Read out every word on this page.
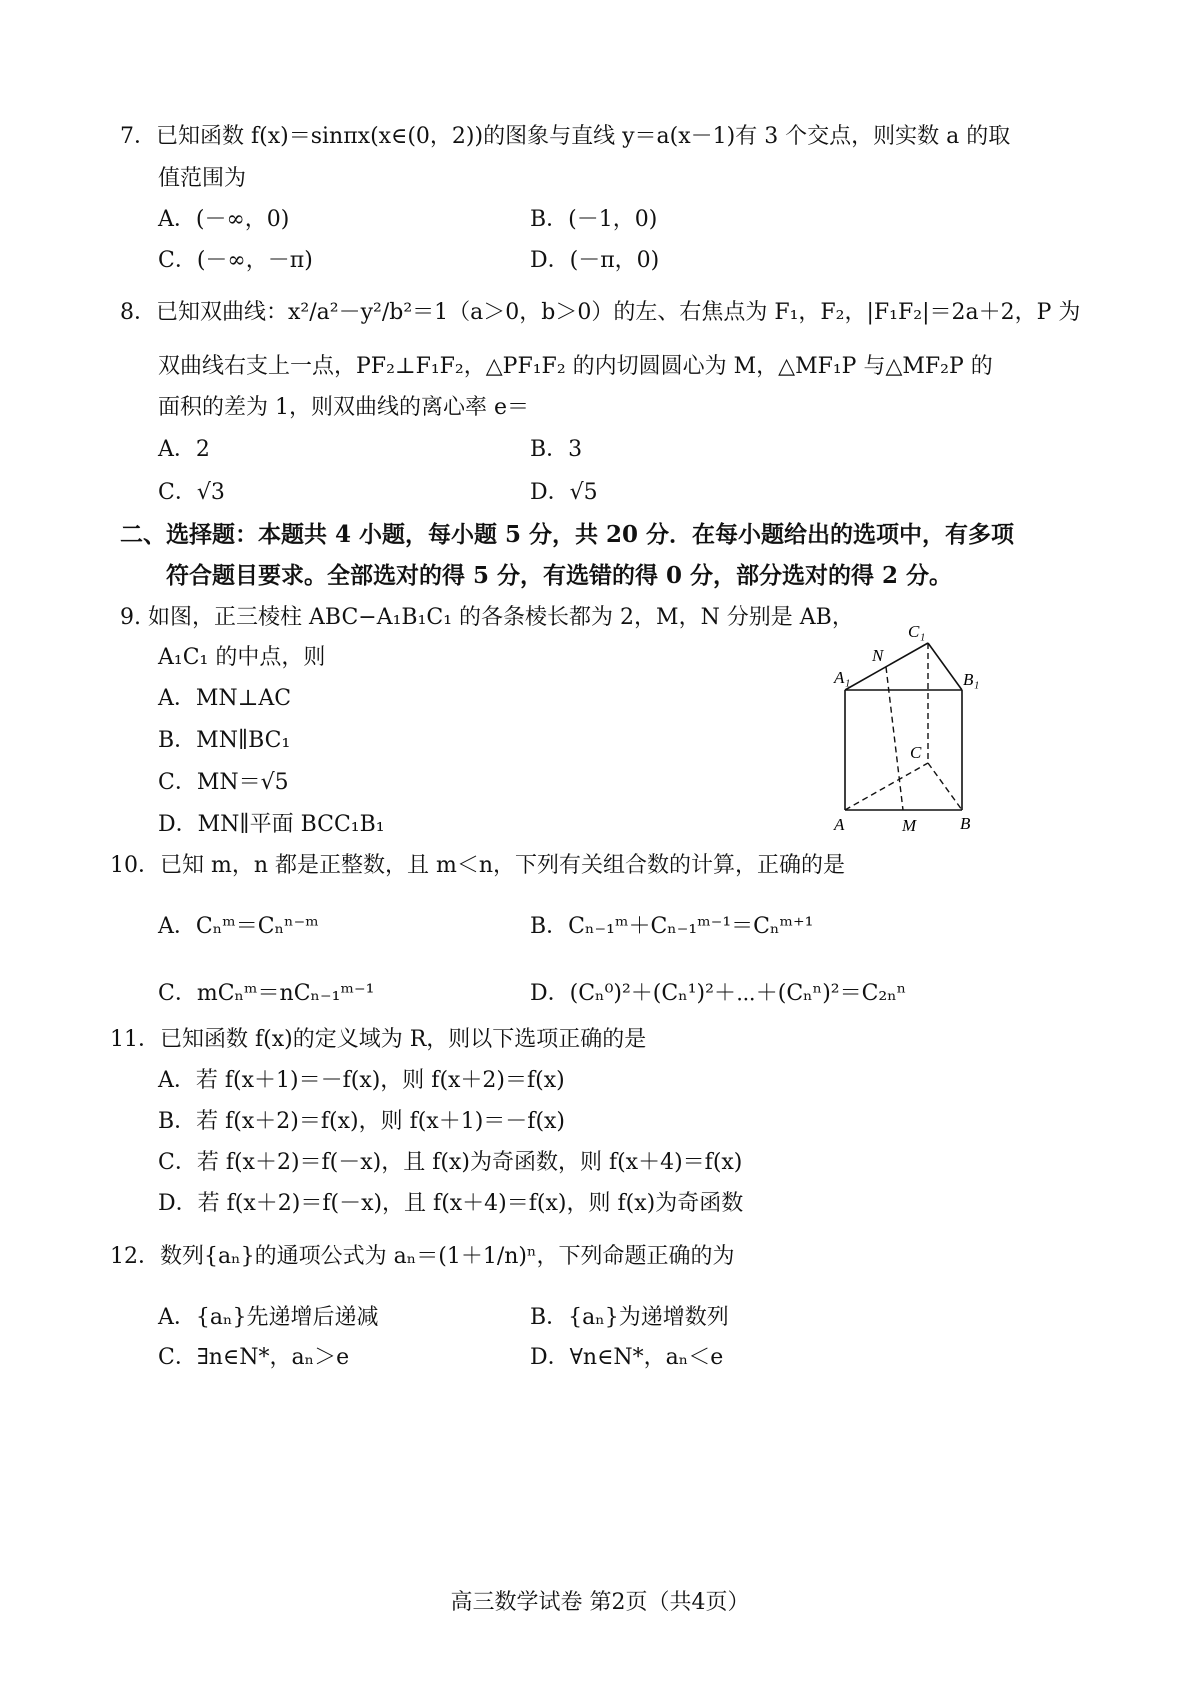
7．已知函数 f(x)＝sinπx(x∈(0，2))的图象与直线 y＝a(x－1)有 3 个交点，则实数 a 的取
值范围为
A．(－∞，0)	B．(－1，0)
C．(－∞，－π)	D．(－π，0)
8．已知双曲线：x²/a²－y²/b²＝1（a＞0，b＞0）的左、右焦点为 F₁，F₂，|F₁F₂|＝2a＋2，P 为
双曲线右支上一点，PF₂⊥F₁F₂，△PF₁F₂ 的内切圆圆心为 M，△MF₁P 与△MF₂P 的
面积的差为 1，则双曲线的离心率 e＝
A．2	B．3
C．√3	D．√5
二、选择题：本题共 4 小题，每小题 5 分，共 20 分．在每小题给出的选项中，有多项
符合题目要求。全部选对的得 5 分，有选错的得 0 分，部分选对的得 2 分。
9. 如图，正三棱柱 ABC−A₁B₁C₁ 的各条棱长都为 2，M，N 分别是 AB，
A₁C₁ 的中点，则
A．MN⊥AC
B．MN∥BC₁
C．MN＝√5
D．MN∥平面 BCC₁B₁
C₁
N
A₁	B₁
C
A	M	B
10．已知 m，n 都是正整数，且 m＜n，下列有关组合数的计算，正确的是
A．Cₙᵐ＝Cₙⁿ⁻ᵐ	B．Cₙ₋₁ᵐ＋Cₙ₋₁ᵐ⁻¹＝Cₙᵐ⁺¹
C．mCₙᵐ＝nCₙ₋₁ᵐ⁻¹	D．(Cₙ⁰)²＋(Cₙ¹)²＋⋯＋(Cₙⁿ)²＝C₂ₙⁿ
11．已知函数 f(x)的定义域为 R，则以下选项正确的是
A．若 f(x＋1)＝－f(x)，则 f(x＋2)＝f(x)
B．若 f(x＋2)＝f(x)，则 f(x＋1)＝－f(x)
C．若 f(x＋2)＝f(－x)，且 f(x)为奇函数，则 f(x＋4)＝f(x)
D．若 f(x＋2)＝f(－x)，且 f(x＋4)＝f(x)，则 f(x)为奇函数
12．数列{aₙ}的通项公式为 aₙ＝(1＋1/n)ⁿ，下列命题正确的为
A．{aₙ}先递增后递减	B．{aₙ}为递增数列
C．∃n∈N*，aₙ＞e	D．∀n∈N*，aₙ＜e
高三数学试卷 第2页（共4页）
